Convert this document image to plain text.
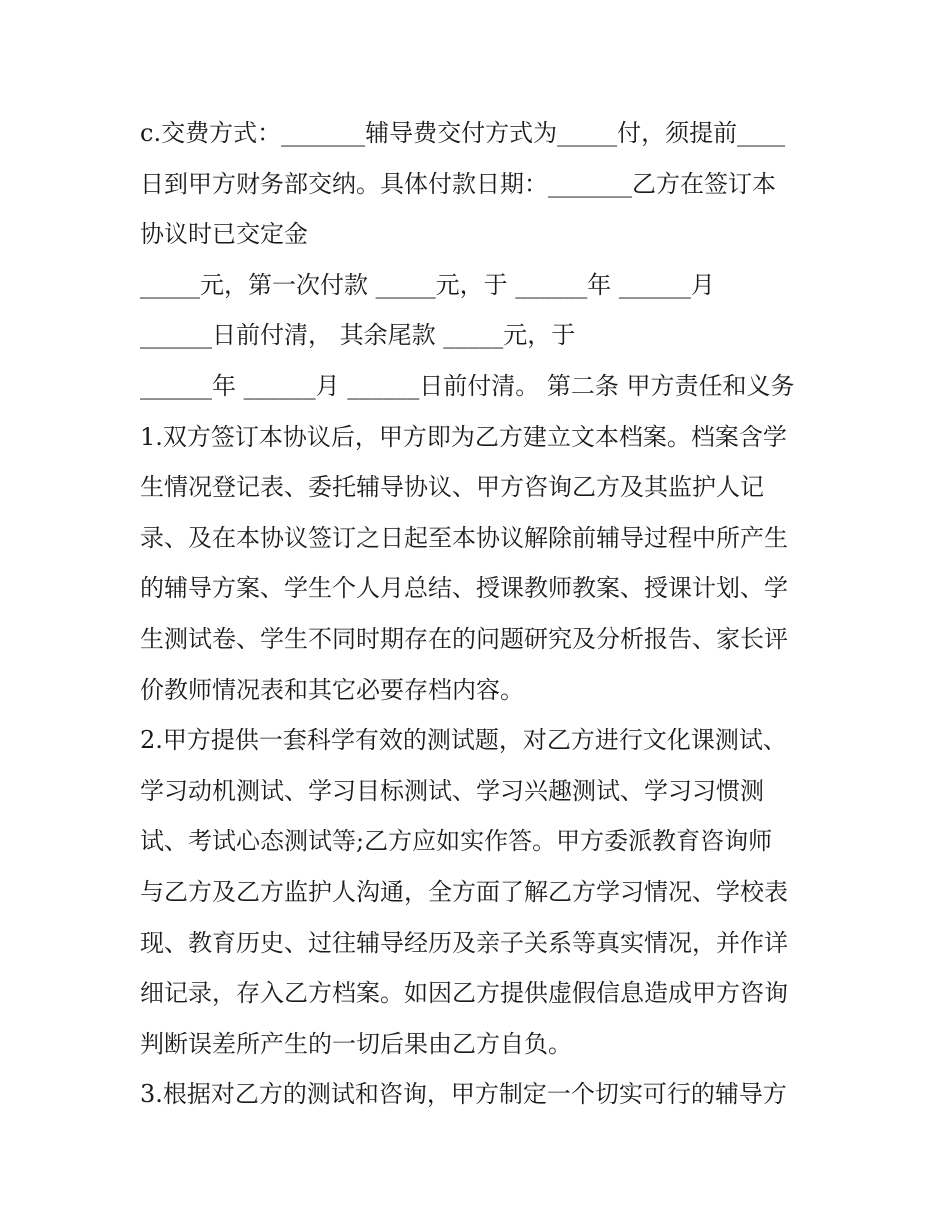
c.交费方式：_______辅导费交付方式为_____付，须提前____
日到甲方财务部交纳。具体付款日期：_______乙方在签订本
协议时已交定金
_____元，第一次付款 _____元，于 ______年 ______月
______日前付清， 其余尾款 _____元，于
______年 ______月 ______日前付清。 第二条 甲方责任和义务
1.双方签订本协议后，甲方即为乙方建立文本档案。档案含学
生情况登记表、委托辅导协议、甲方咨询乙方及其监护人记
录、及在本协议签订之日起至本协议解除前辅导过程中所产生
的辅导方案、学生个人月总结、授课教师教案、授课计划、学
生测试卷、学生不同时期存在的问题研究及分析报告、家长评
价教师情况表和其它必要存档内容。
2.甲方提供一套科学有效的测试题，对乙方进行文化课测试、
学习动机测试、学习目标测试、学习兴趣测试、学习习惯测
试、考试心态测试等;乙方应如实作答。甲方委派教育咨询师
与乙方及乙方监护人沟通，全方面了解乙方学习情况、学校表
现、教育历史、过往辅导经历及亲子关系等真实情况，并作详
细记录，存入乙方档案。如因乙方提供虚假信息造成甲方咨询
判断误差所产生的一切后果由乙方自负。
3.根据对乙方的测试和咨询，甲方制定一个切实可行的辅导方
